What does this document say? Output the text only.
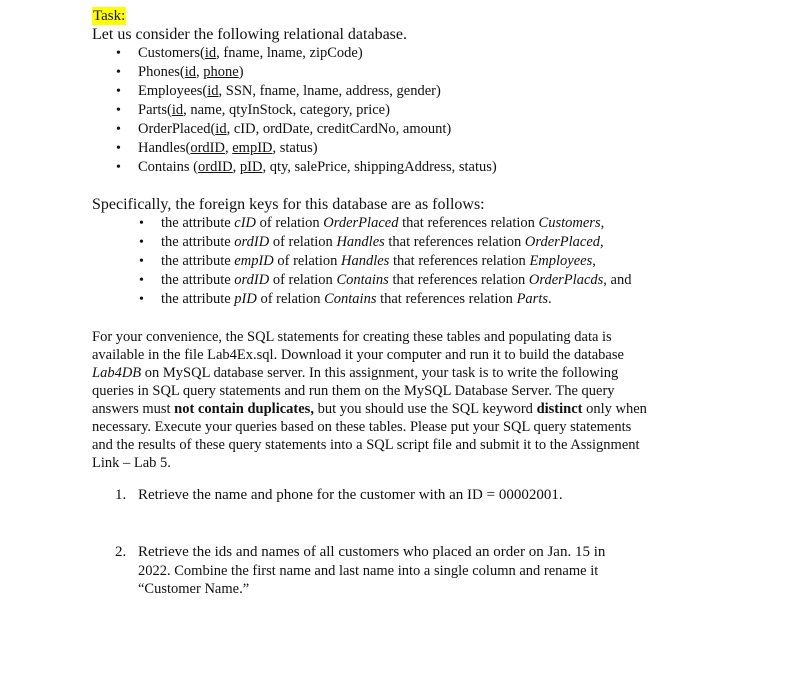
Task:
Let us consider the following relational database.
• Customers(id, fname, lname, zipCode)
• Phones(id, phone)
• Employees(id, SSN, fname, lname, address, gender)
• Parts(id, name, qtyInStock, category, price)
• OrderPlaced(id, cID, ordDate, creditCardNo, amount)
• Handles(ordID, empID, status)
• Contains (ordID, pID, qty, salePrice, shippingAddress, status)
Specifically, the foreign keys for this database are as follows:
• the attribute cID of relation OrderPlaced that references relation Customers,
• the attribute ordID of relation Handles that references relation OrderPlaced,
• the attribute empID of relation Handles that references relation Employees,
• the attribute ordID of relation Contains that references relation OrderPlacds, and
• the attribute pID of relation Contains that references relation Parts.
For your convenience, the SQL statements for creating these tables and populating data is
available in the file Lab4Ex.sql. Download it your computer and run it to build the database
Lab4DB on MySQL database server. In this assignment, your task is to write the following
queries in SQL query statements and run them on the MySQL Database Server. The query
answers must not contain duplicates, but you should use the SQL keyword distinct only when
necessary. Execute your queries based on these tables. Please put your SQL query statements
and the results of these query statements into a SQL script file and submit it to the Assignment
Link – Lab 5.
1. Retrieve the name and phone for the customer with an ID = 00002001.
2. Retrieve the ids and names of all customers who placed an order on Jan. 15 in
2022. Combine the first name and last name into a single column and rename it
“Customer Name.”
